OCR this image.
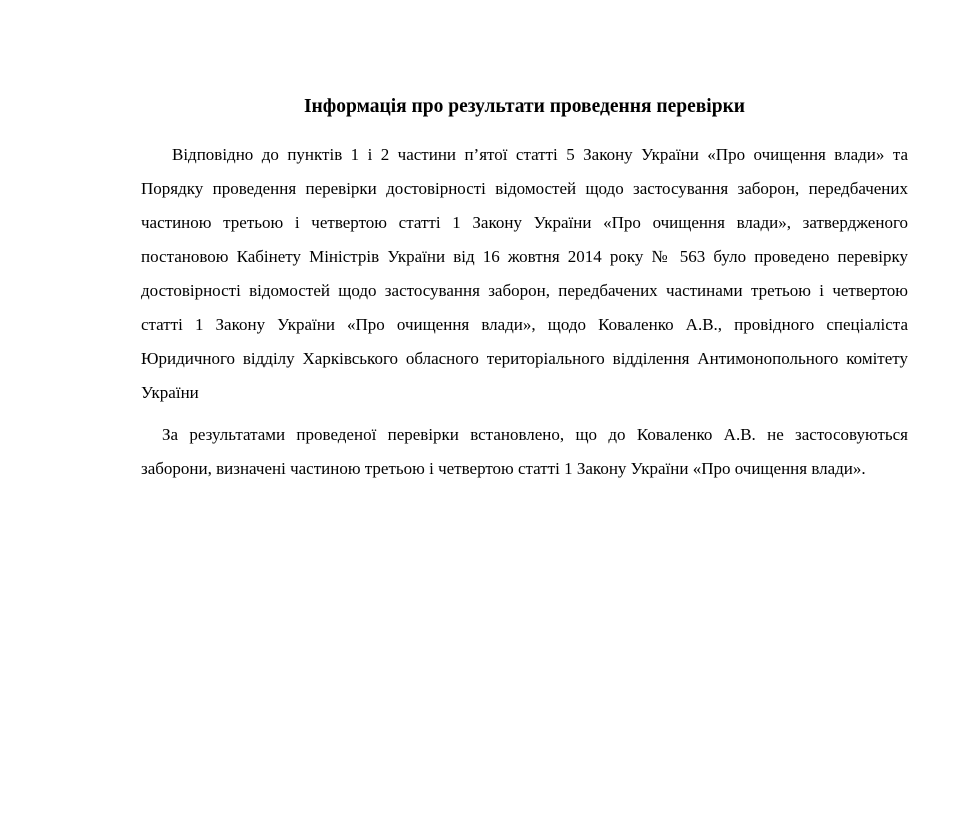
Інформація про результати проведення перевірки

Відповідно до пунктів 1 і 2 частини п’ятої статті 5 Закону України «Про очищення влади» та Порядку проведення перевірки достовірності відомостей щодо застосування заборон, передбачених частиною третьою і четвертою статті 1 Закону України «Про очищення влади», затвердженого постановою Кабінету Міністрів України від 16 жовтня 2014 року № 563 було проведено перевірку достовірності відомостей щодо застосування заборон, передбачених частинами третьою і четвертою статті 1 Закону України «Про очищення влади», щодо Коваленко А.В., провідного спеціаліста Юридичного відділу Харківського обласного територіального відділення Антимонопольного комітету України

За результатами проведеної перевірки встановлено, що до Коваленко А.В. не застосовуються заборони, визначені частиною третьою і четвертою статті 1 Закону України «Про очищення влади».
